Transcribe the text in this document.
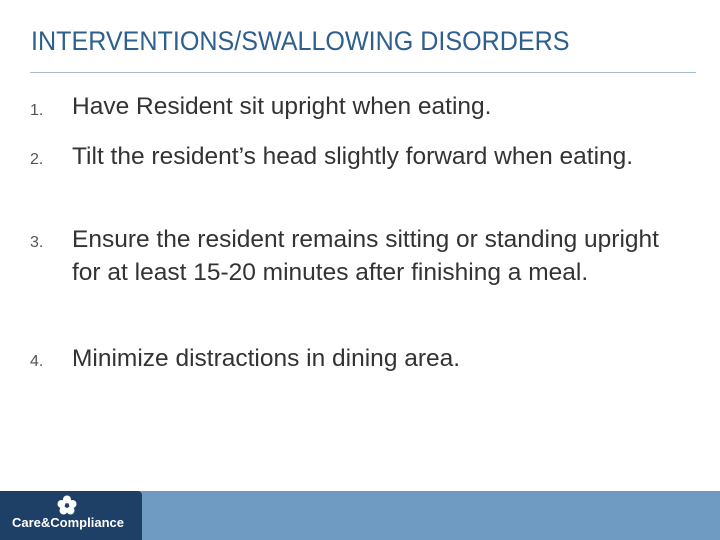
INTERVENTIONS/SWALLOWING DISORDERS
1. Have Resident sit upright when eating.
2. Tilt the resident’s head slightly forward when eating.
3. Ensure the resident remains sitting or standing upright for at least 15-20 minutes after finishing a meal.
4. Minimize distractions in dining area.
Care&Compliance
